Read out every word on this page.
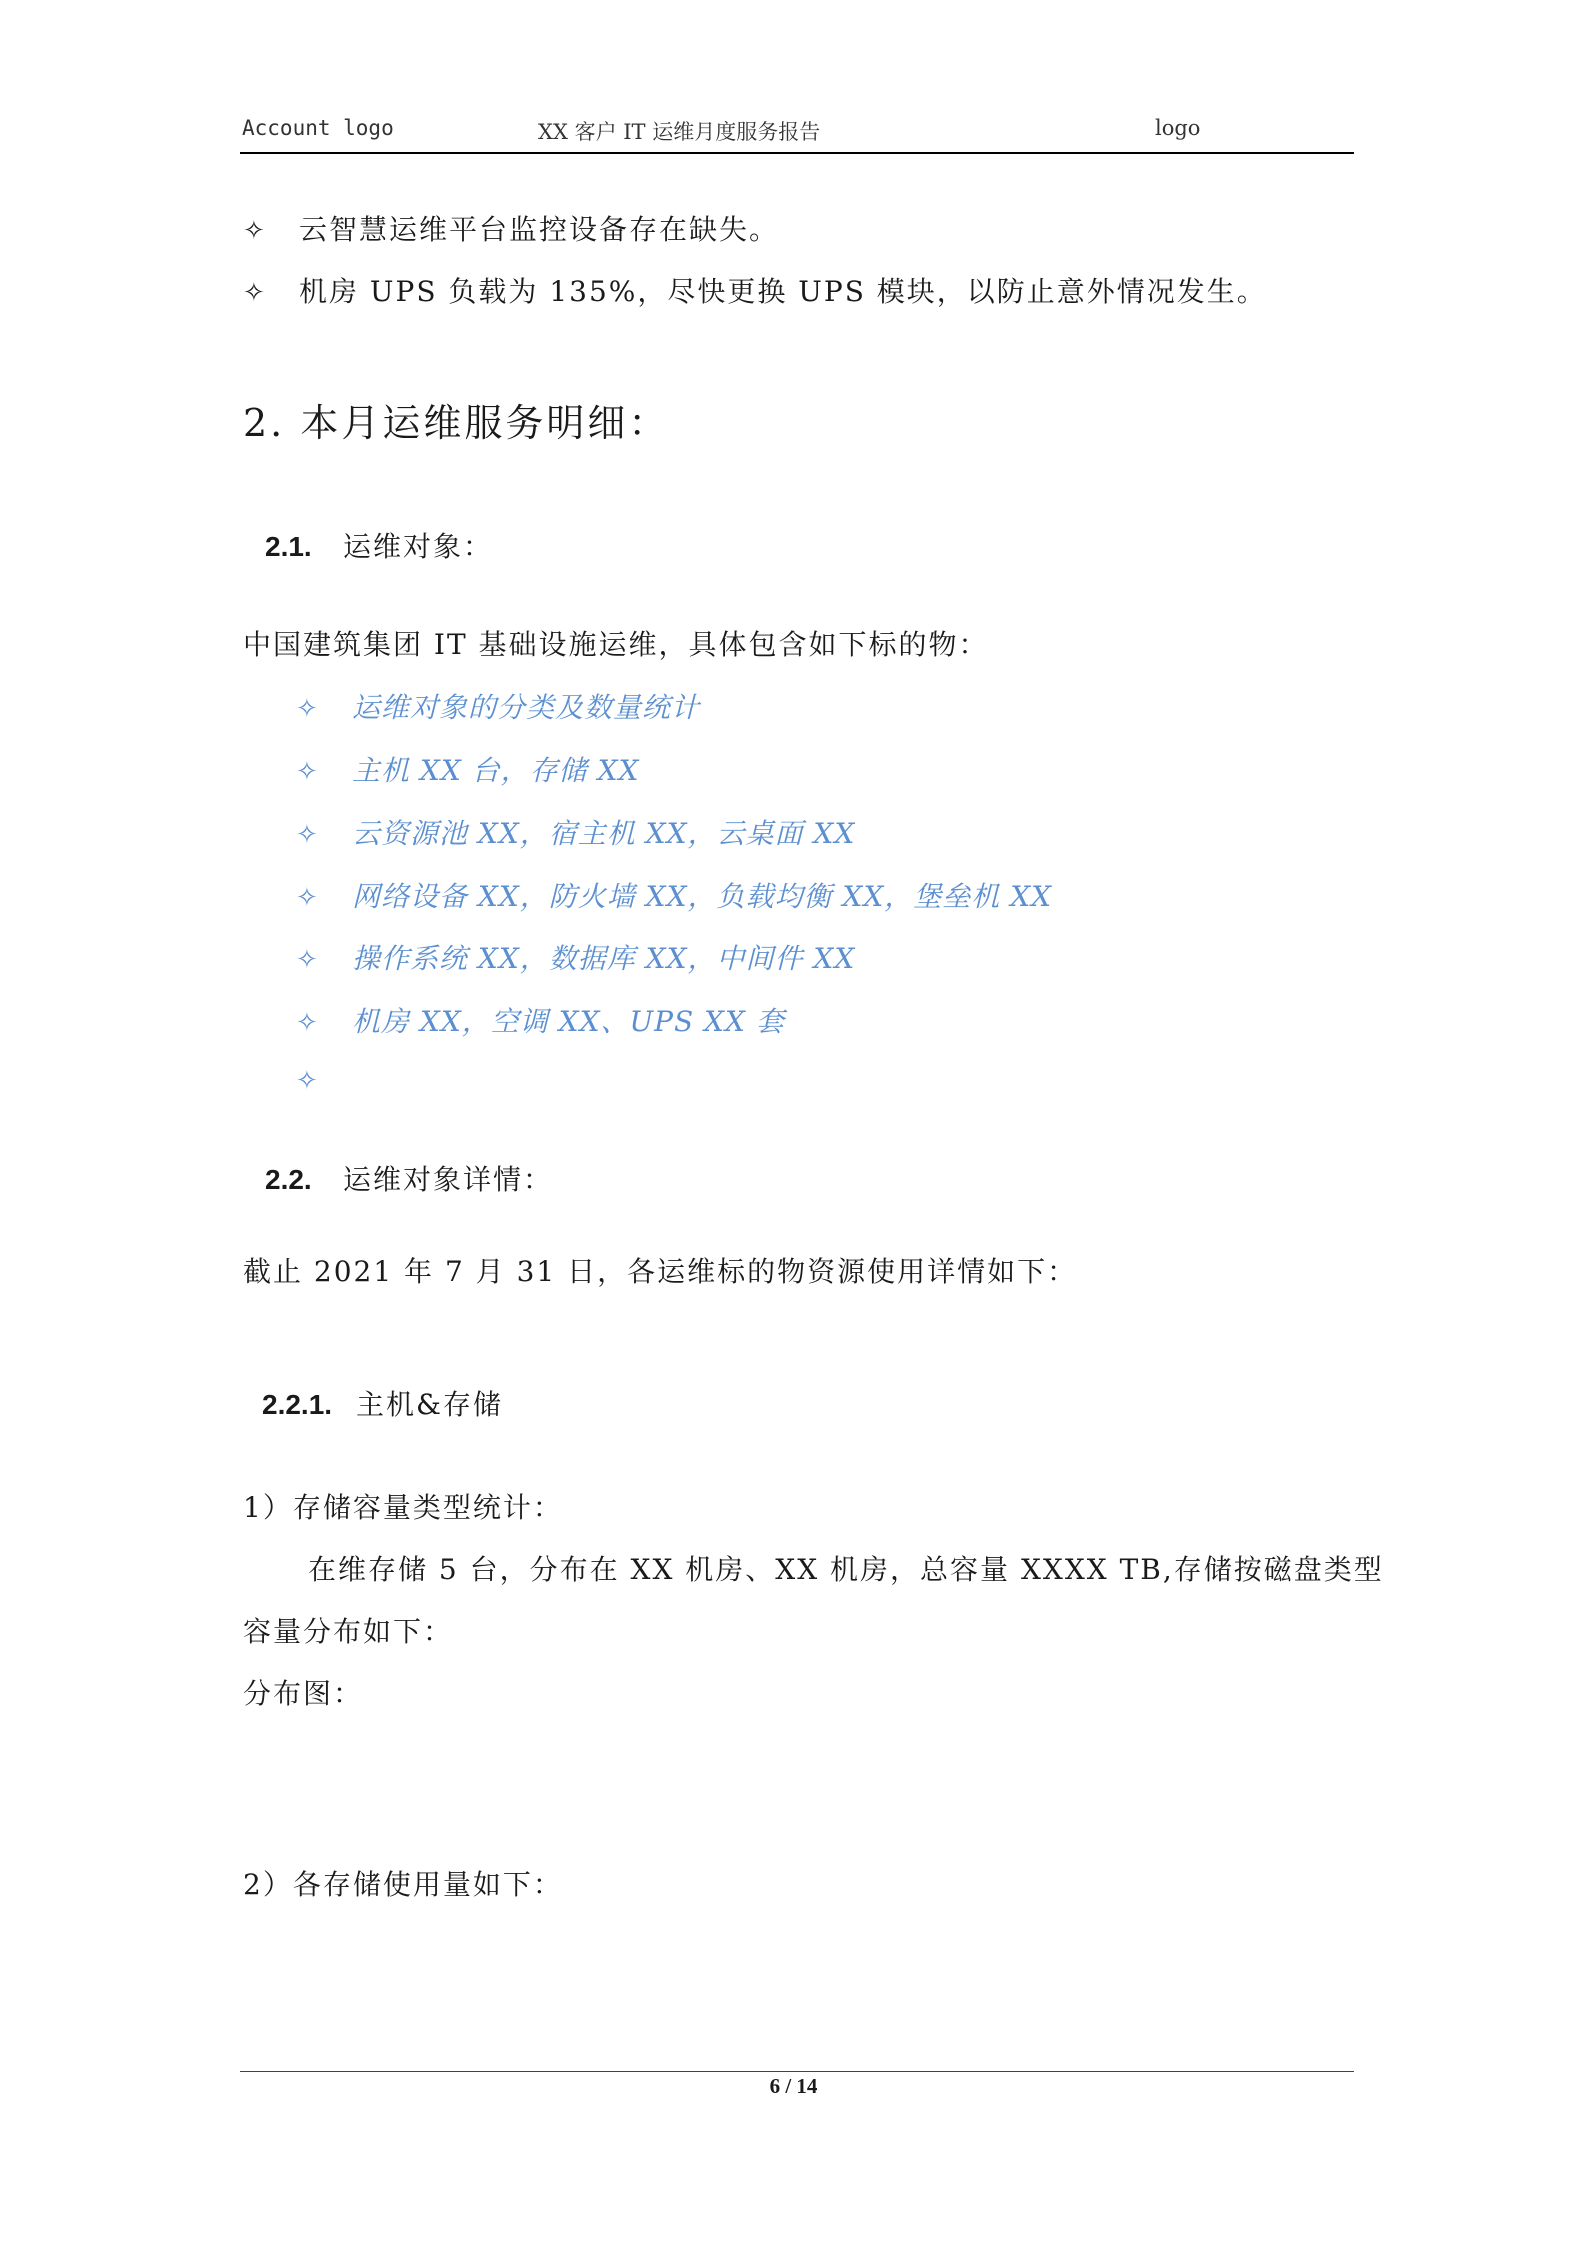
Account logo	XX 客户 IT 运维月度服务报告	logo
✧ 云智慧运维平台监控设备存在缺失。
✧ 机房 UPS 负载为 135%，尽快更换 UPS 模块，以防止意外情况发生。
2. 本月运维服务明细：
2.1. 运维对象：
中国建筑集团 IT 基础设施运维，具体包含如下标的物：
✧ 运维对象的分类及数量统计
✧ 主机 XX 台，存储 XX
✧ 云资源池 XX，宿主机 XX，云桌面 XX
✧ 网络设备 XX，防火墙 XX，负载均衡 XX，堡垒机 XX
✧ 操作系统 XX，数据库 XX，中间件 XX
✧ 机房 XX，空调 XX、UPS XX 套
✧
2.2. 运维对象详情：
截止 2021 年 7 月 31 日，各运维标的物资源使用详情如下：
2.2.1. 主机&存储
1）存储容量类型统计：
在维存储 5 台，分布在 XX 机房、XX 机房，总容量 XXXX TB,存储按磁盘类型
容量分布如下：
分布图：
2）各存储使用量如下：
6 / 14
